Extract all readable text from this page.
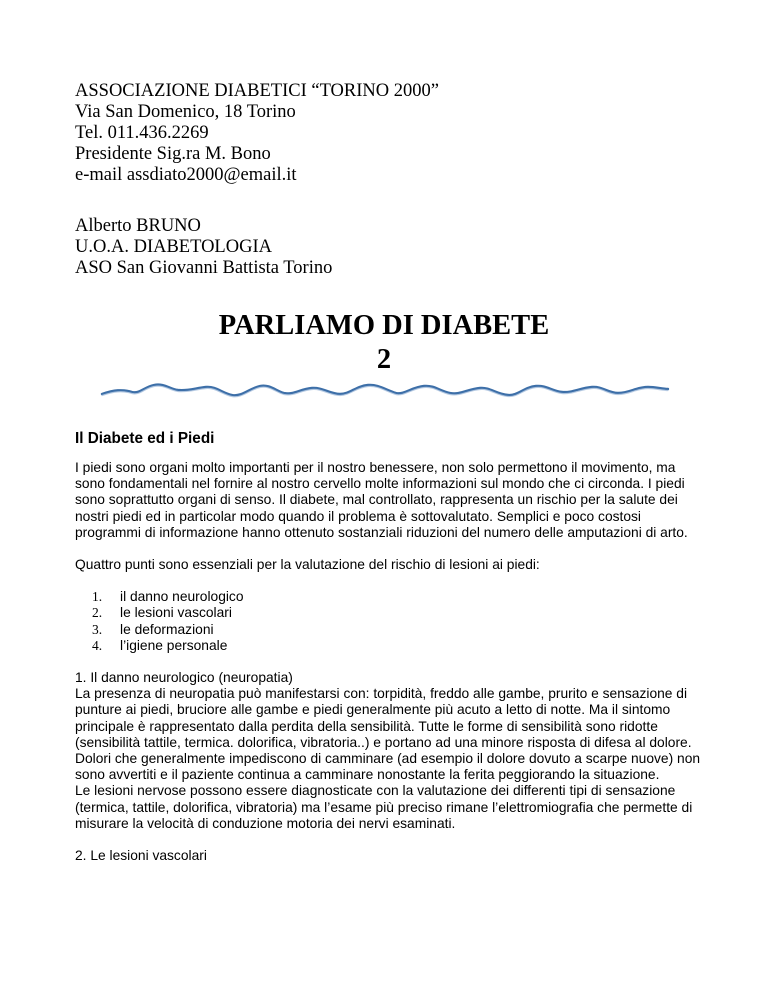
ASSOCIAZIONE DIABETICI “TORINO 2000”
Via San Domenico, 18 Torino
Tel. 011.436.2269
Presidente Sig.ra M. Bono
e-mail assdiato2000@email.it
Alberto BRUNO
U.O.A. DIABETOLOGIA
ASO San Giovanni Battista Torino
PARLIAMO DI DIABETE
2
Il Diabete ed i Piedi
I piedi sono organi molto importanti per il nostro benessere, non solo permettono il movimento, ma sono fondamentali nel fornire al nostro cervello molte informazioni sul mondo che ci circonda. I piedi sono soprattutto organi di senso. Il diabete, mal controllato, rappresenta un rischio per la salute dei nostri piedi ed in particolar modo quando il problema è sottovalutato. Semplici e poco costosi programmi di informazione hanno ottenuto sostanziali riduzioni del numero delle amputazioni di arto.
Quattro punti sono essenziali per la valutazione del rischio di lesioni ai piedi:
1. il danno neurologico
2. le lesioni vascolari
3. le deformazioni
4. l’igiene personale
1. Il danno neurologico (neuropatia)
La presenza di neuropatia può manifestarsi con: torpidità, freddo alle gambe, prurito e sensazione di punture ai piedi, bruciore alle gambe e piedi generalmente più acuto a letto di notte. Ma il sintomo principale è rappresentato dalla perdita della sensibilità. Tutte le forme di sensibilità sono ridotte (sensibilità tattile, termica. dolorifica, vibratoria..) e portano ad una minore risposta di difesa al dolore. Dolori che generalmente impediscono di camminare (ad esempio il dolore dovuto a scarpe nuove) non sono avvertiti e il paziente continua a camminare nonostante la ferita peggiorando la situazione.
Le lesioni nervose possono essere diagnosticate con la valutazione dei differenti tipi di sensazione (termica, tattile, dolorifica, vibratoria) ma l’esame più preciso rimane l’elettromiografia che permette di misurare la velocità di conduzione motoria dei nervi esaminati.
2. Le lesioni vascolari
